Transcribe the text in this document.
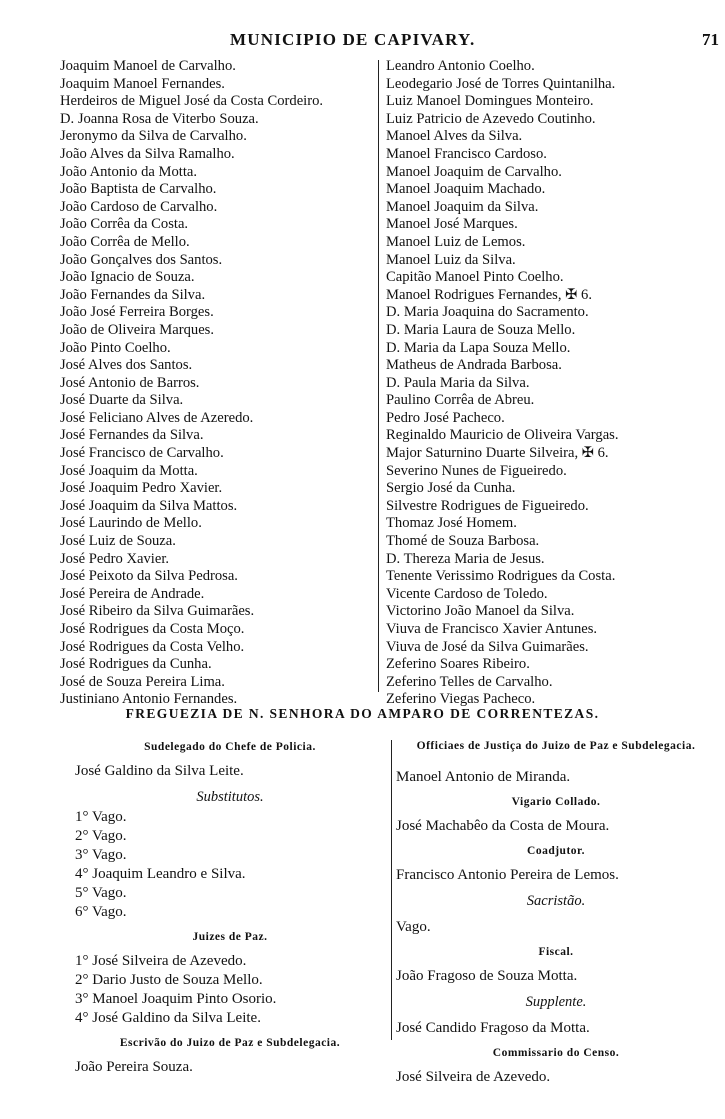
MUNICIPIO DE CAPIVARY.	71
Joaquim Manoel de Carvalho.
Joaquim Manoel Fernandes.
Herdeiros de Miguel José da Costa Cordeiro.
D. Joanna Rosa de Viterbo Souza.
Jeronymo da Silva de Carvalho.
João Alves da Silva Ramalho.
João Antonio da Motta.
João Baptista de Carvalho.
João Cardoso de Carvalho.
João Corrêa da Costa.
João Corrêa de Mello.
João Gonçalves dos Santos.
João Ignacio de Souza.
João Fernandes da Silva.
João José Ferreira Borges.
João de Oliveira Marques.
João Pinto Coelho.
José Alves dos Santos.
José Antonio de Barros.
José Duarte da Silva.
José Feliciano Alves de Azeredo.
José Fernandes da Silva.
José Francisco de Carvalho.
José Joaquim da Motta.
José Joaquim Pedro Xavier.
José Joaquim da Silva Mattos.
José Laurindo de Mello.
José Luiz de Souza.
José Pedro Xavier.
José Peixoto da Silva Pedrosa.
José Pereira de Andrade.
José Ribeiro da Silva Guimarães.
José Rodrigues da Costa Moço.
José Rodrigues da Costa Velho.
José Rodrigues da Cunha.
José de Souza Pereira Lima.
Justiniano Antonio Fernandes.
Leandro Antonio Coelho.
Leodegario José de Torres Quintanilha.
Luiz Manoel Domingues Monteiro.
Luiz Patricio de Azevedo Coutinho.
Manoel Alves da Silva.
Manoel Francisco Cardoso.
Manoel Joaquim de Carvalho.
Manoel Joaquim Machado.
Manoel Joaquim da Silva.
Manoel José Marques.
Manoel Luiz de Lemos.
Manoel Luiz da Silva.
Capitão Manoel Pinto Coelho.
Manoel Rodrigues Fernandes, ✠ 6.
D. Maria Joaquina do Sacramento.
D. Maria Laura de Souza Mello.
D. Maria da Lapa Souza Mello.
Matheus de Andrada Barbosa.
D. Paula Maria da Silva.
Paulino Corrêa de Abreu.
Pedro José Pacheco.
Reginaldo Mauricio de Oliveira Vargas.
Major Saturnino Duarte Silveira, ✠ 6.
Severino Nunes de Figueiredo.
Sergio José da Cunha.
Silvestre Rodrigues de Figueiredo.
Thomaz José Homem.
Thomé de Souza Barbosa.
D. Thereza Maria de Jesus.
Tenente Verissimo Rodrigues da Costa.
Vicente Cardoso de Toledo.
Victorino João Manoel da Silva.
Viuva de Francisco Xavier Antunes.
Viuva de José da Silva Guimarães.
Zeferino Soares Ribeiro.
Zeferino Telles de Carvalho.
Zeferino Viegas Pacheco.
FREGUEZIA DE N. SENHORA DO AMPARO DE CORRENTEZAS.
Sudelegado do Chefe de Policia.
José Galdino da Silva Leite.
Substitutos.
1° Vago.
2° Vago.
3° Vago.
4° Joaquim Leandro e Silva.
5° Vago.
6° Vago.
Juizes de Paz.
1° José Silveira de Azevedo.
2° Dario Justo de Souza Mello.
3° Manoel Joaquim Pinto Osorio.
4° José Galdino da Silva Leite.
Escrivão do Juizo de Paz e Subdelegacia.
João Pereira Souza.
Officiaes de Justiça do Juizo de Paz e Subdelegacia.
Manoel Antonio de Miranda.
Vigario Collado.
José Machabêo da Costa de Moura.
Coadjutor.
Francisco Antonio Pereira de Lemos.
Sacristão.
Vago.
Fiscal.
João Fragoso de Souza Motta.
Supplente.
José Candido Fragoso da Motta.
Commissario do Censo.
José Silveira de Azevedo.
